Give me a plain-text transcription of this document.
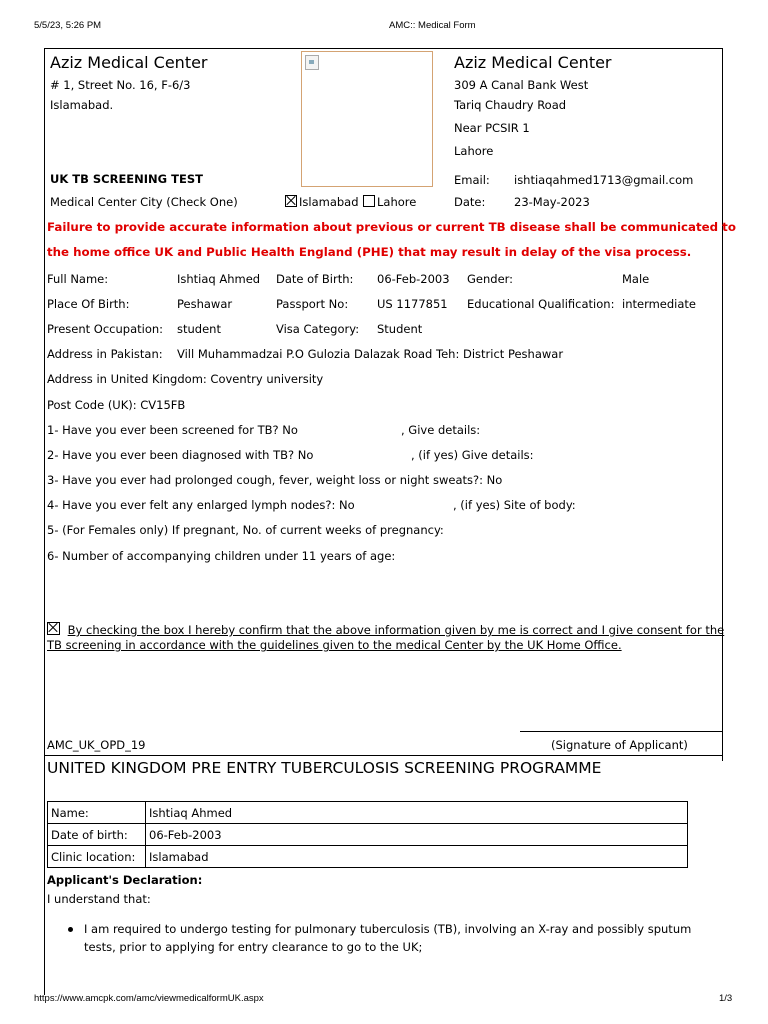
5/5/23, 5:26 PM	AMC:: Medical Form
Aziz Medical Center
# 1, Street No. 16, F-6/3
Islamabad.
Aziz Medical Center
309 A Canal Bank West
Tariq Chaudry Road
Near PCSIR 1
Lahore
UK TB SCREENING TEST	Email: ishtiaqahmed1713@gmail.com
Medical Center City (Check One)	Islamabad	Lahore	Date: 23-May-2023
Failure to provide accurate information about previous or current TB disease shall be communicated to
the home office UK and Public Health England (PHE) that may result in delay of the visa process.
Full Name:	Ishtiaq Ahmed Date of Birth: 06-Feb-2003 Gender:	Male
Place Of Birth:	Peshawar	Passport No:	US 1177851 Educational Qualification: intermediate
Present Occupation: student	Visa Category: Student
Address in Pakistan: Vill Muhammadzai P.O Gulozia Dalazak Road Teh: District Peshawar
Address in United Kingdom: Coventry university
Post Code (UK): CV15FB
1- Have you ever been screened for TB? No	, Give details:
2- Have you ever been diagnosed with TB? No	, (if yes) Give details:
3- Have you ever had prolonged cough, fever, weight loss or night sweats?: No
4- Have you ever felt any enlarged lymph nodes?: No	, (if yes) Site of body:
5- (For Females only) If pregnant, No. of current weeks of pregnancy:
6- Number of accompanying children under 11 years of age:
By checking the box I hereby confirm that the above information given by me is correct and I give consent for the
TB screening in accordance with the guidelines given to the medical Center by the UK Home Office.
AMC_UK_OPD_19	(Signature of Applicant)
UNITED KINGDOM PRE ENTRY TUBERCULOSIS SCREENING PROGRAMME
Name:	Ishtiaq Ahmed
Date of birth:	06-Feb-2003
Clinic location:	Islamabad
Applicant's Declaration:
I understand that:
I am required to undergo testing for pulmonary tuberculosis (TB), involving an X-ray and possibly sputum
tests, prior to applying for entry clearance to go to the UK;
https://www.amcpk.com/amc/viewmedicalformUK.aspx	1/3
